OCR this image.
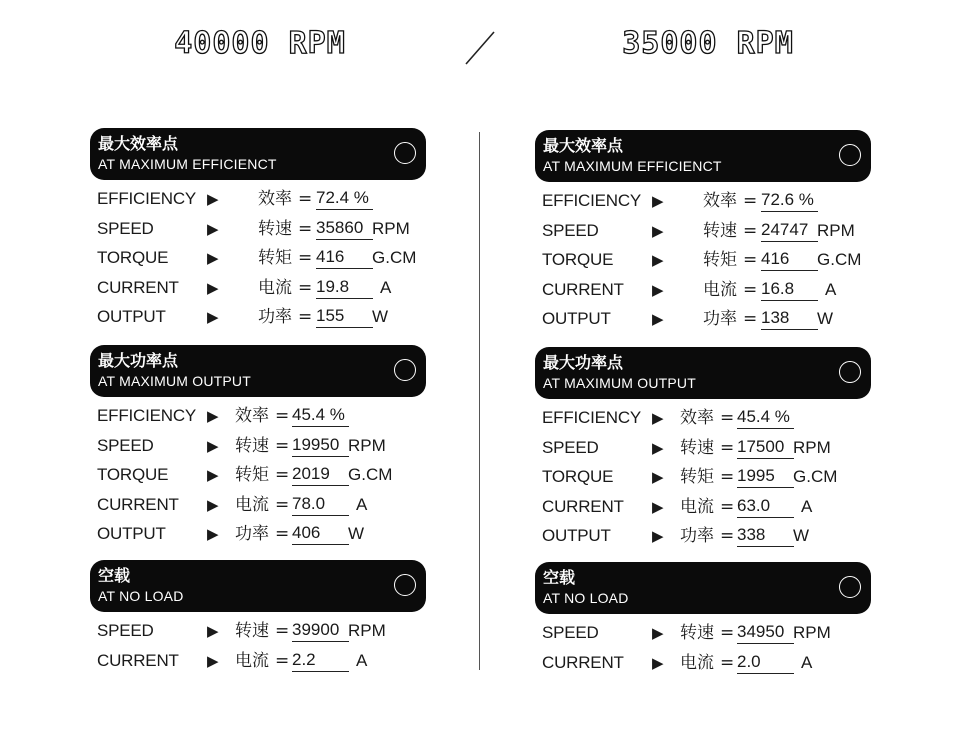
40000 RPM	35000 RPM
最大效率点
AT MAXIMUM EFFICIENCT
EFFICIENCY ▶ 效率 = 72.4 %
SPEED	▶ 转速 = 35860 RPM
TORQUE	▶ 转矩 = 416	G.CM
CURRENT ▶ 电流 = 19.8	A
OUTPUT	▶ 功率 = 155	W
最大功率点
AT MAXIMUM OUTPUT
EFFICIENCY ▶ 效率 = 45.4 %
SPEED	▶ 转速 = 19950 RPM
TORQUE	▶ 转矩 = 2019	G.CM
CURRENT ▶ 电流 = 78.0	A
OUTPUT	▶ 功率 = 406	W
空载
AT NO LOAD
SPEED	▶ 转速 = 39900 RPM
CURRENT ▶ 电流 = 2.2	A
最大效率点
AT MAXIMUM EFFICIENCT
EFFICIENCY ▶ 效率 = 72.6 %
SPEED	▶ 转速 = 24747 RPM
TORQUE	▶ 转矩 = 416	G.CM
CURRENT ▶ 电流 = 16.8	A
OUTPUT	▶ 功率 = 138	W
最大功率点
AT MAXIMUM OUTPUT
EFFICIENCY ▶ 效率 = 45.4 %
SPEED	▶ 转速 = 17500 RPM
TORQUE	▶ 转矩 = 1995	G.CM
CURRENT ▶ 电流 = 63.0	A
OUTPUT	▶ 功率 = 338	W
空载
AT NO LOAD
SPEED	▶ 转速 = 34950 RPM
CURRENT ▶ 电流 = 2.0	A
